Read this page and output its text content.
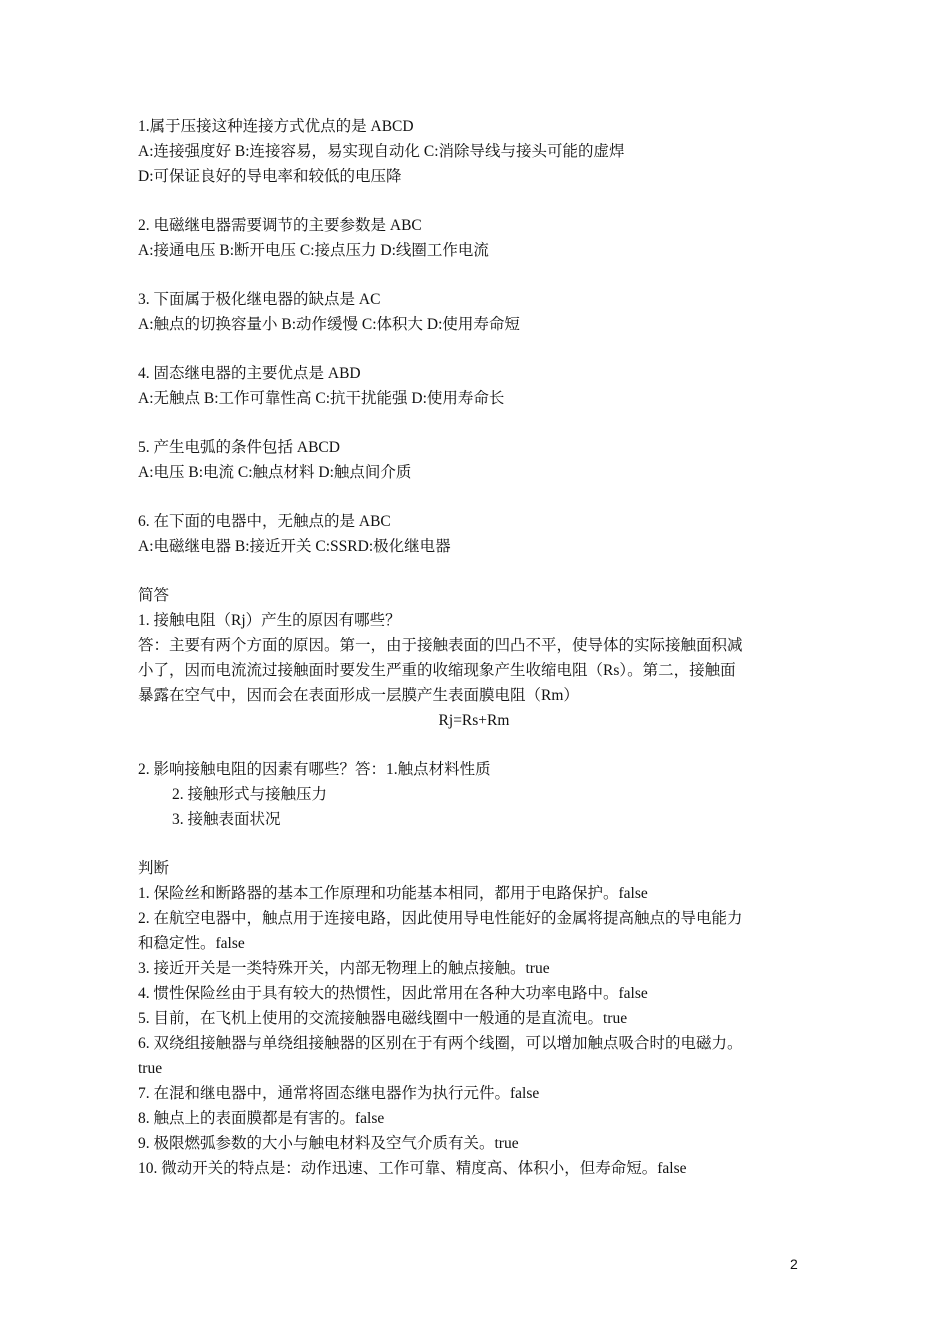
1.属于压接这种连接方式优点的是 ABCD
A:连接强度好 B:连接容易，易实现自动化 C:消除导线与接头可能的虚焊
D:可保证良好的导电率和较低的电压降
2. 电磁继电器需要调节的主要参数是 ABC
A:接通电压 B:断开电压 C:接点压力 D:线圈工作电流
3. 下面属于极化继电器的缺点是 AC
A:触点的切换容量小 B:动作缓慢 C:体积大 D:使用寿命短
4. 固态继电器的主要优点是 ABD
A:无触点 B:工作可靠性高 C:抗干扰能强 D:使用寿命长
5. 产生电弧的条件包括 ABCD
A:电压 B:电流 C:触点材料 D:触点间介质
6. 在下面的电器中，无触点的是 ABC
A:电磁继电器 B:接近开关 C:SSRD:极化继电器
简答
1. 接触电阻（Rj）产生的原因有哪些？
答：主要有两个方面的原因。第一，由于接触表面的凹凸不平，使导体的实际接触面积减
小了，因而电流流过接触面时要发生严重的收缩现象产生收缩电阻（Rs）。第二，接触面
暴露在空气中，因而会在表面形成一层膜产生表面膜电阻（Rm）
Rj=Rs+Rm
2. 影响接触电阻的因素有哪些？答：1.触点材料性质
2. 接触形式与接触压力
3. 接触表面状况
判断
1. 保险丝和断路器的基本工作原理和功能基本相同，都用于电路保护。false
2. 在航空电器中，触点用于连接电路，因此使用导电性能好的金属将提高触点的导电能力
和稳定性。false
3. 接近开关是一类特殊开关，内部无物理上的触点接触。true
4. 惯性保险丝由于具有较大的热惯性，因此常用在各种大功率电路中。false
5. 目前，在飞机上使用的交流接触器电磁线圈中一般通的是直流电。true
6. 双绕组接触器与单绕组接触器的区别在于有两个线圈，可以增加触点吸合时的电磁力。
true
7. 在混和继电器中，通常将固态继电器作为执行元件。false
8. 触点上的表面膜都是有害的。false
9. 极限燃弧参数的大小与触电材料及空气介质有关。true
10. 微动开关的特点是：动作迅速、工作可靠、精度高、体积小，但寿命短。false
2
